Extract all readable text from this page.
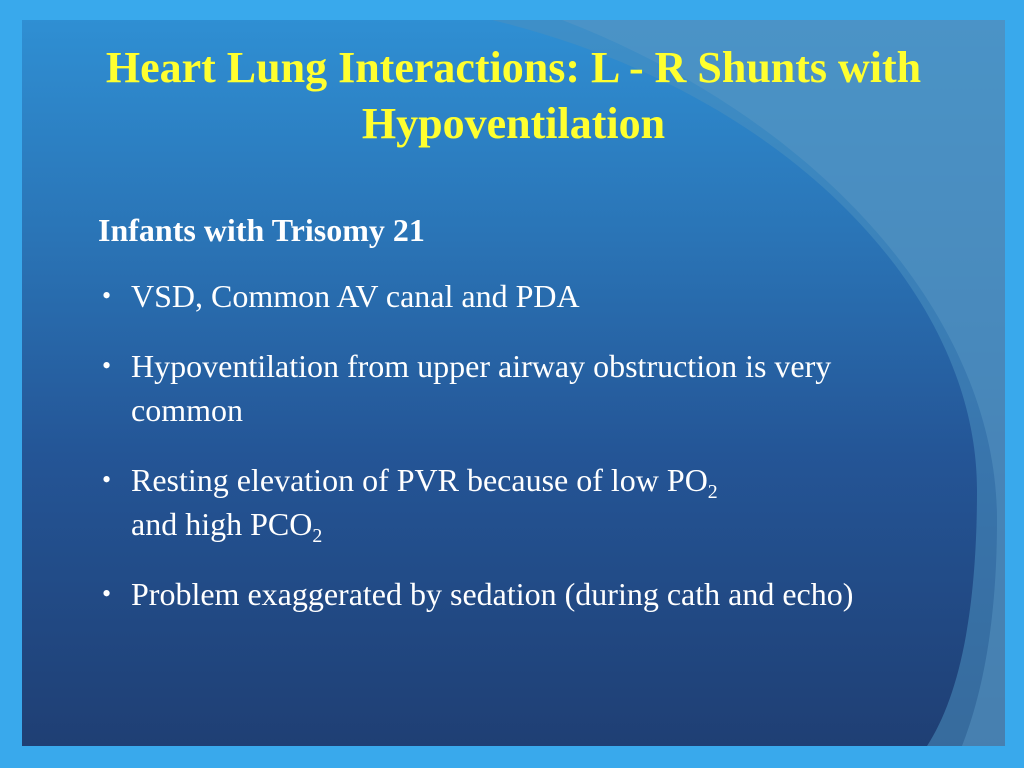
Heart Lung Interactions: L - R Shunts with Hypoventilation
Infants with Trisomy 21
• VSD, Common AV canal and PDA
• Hypoventilation from upper airway obstruction is very common
• Resting elevation of PVR because of low $PO_2$
and high $PCO_2$
• Problem exaggerated by sedation (during cath and echo)
